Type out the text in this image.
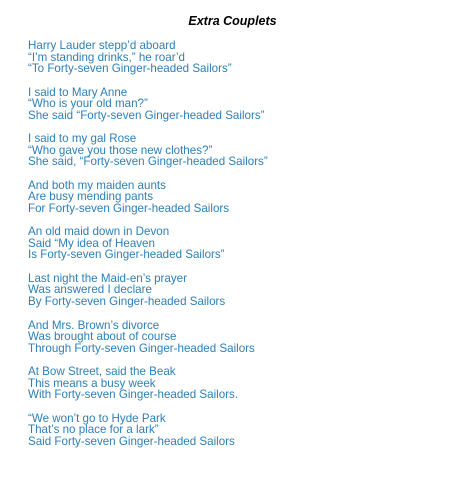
Extra Couplets
Harry Lauder stepp’d aboard
“I’m standing drinks,” he roar’d
“To Forty-seven Ginger-headed Sailors”
I said to Mary Anne
“Who is your old man?”
She said “Forty-seven Ginger-headed Sailors”
I said to my gal Rose
“Who gave you those new clothes?”
She said, “Forty-seven Ginger-headed Sailors”
And both my maiden aunts
Are busy mending pants
For Forty-seven Ginger-headed Sailors
An old maid down in Devon
Said “My idea of Heaven
Is Forty-seven Ginger-headed Sailors”
Last night the Maid-en’s prayer
Was answered I declare
By Forty-seven Ginger-headed Sailors
And Mrs. Brown’s divorce
Was brought about of course
Through Forty-seven Ginger-headed Sailors
At Bow Street, said the Beak
This means a busy week
With Forty-seven Ginger-headed Sailors.
“We won’t go to Hyde Park
That’s no place for a lark”
Said Forty-seven Ginger-headed Sailors
